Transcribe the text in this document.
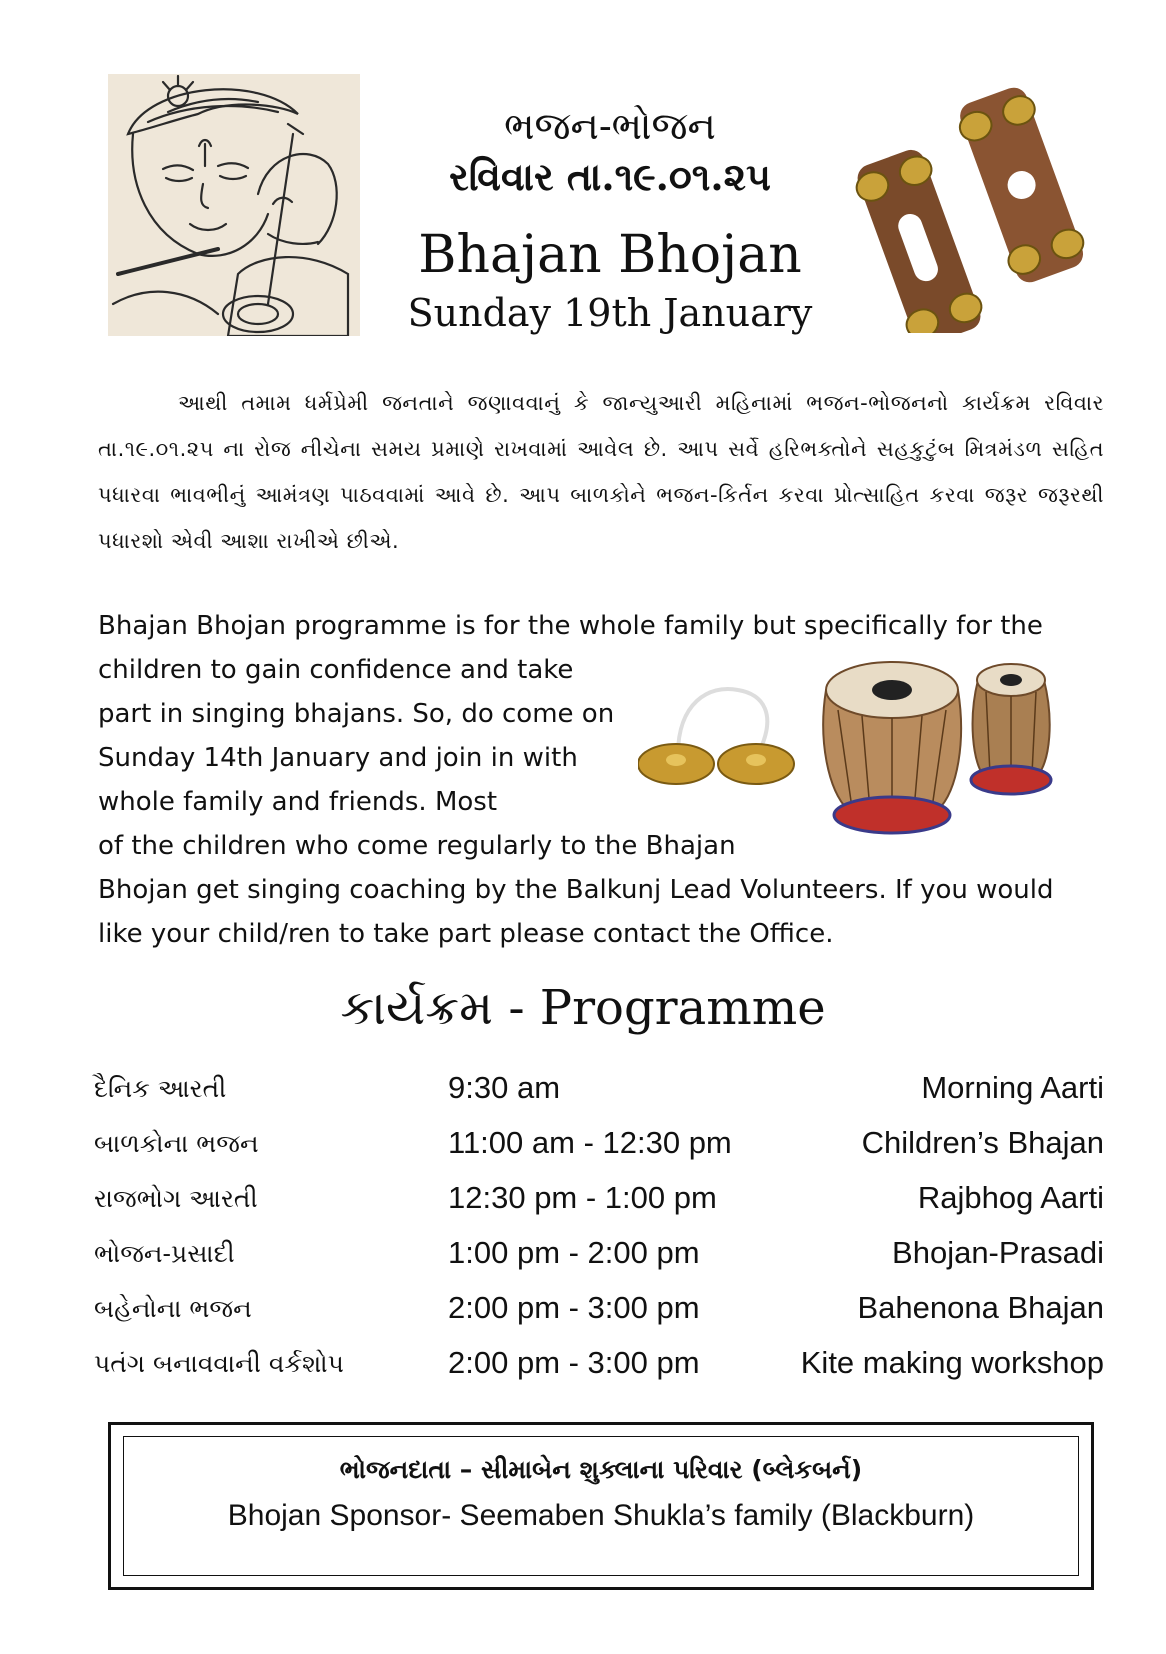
ભજન-ભોજન
રવિવાર તા.૧૯.૦૧.૨૫
Bhajan Bhojan
Sunday 19th January
આથી તમામ ધર્મપ્રેમી જનતાને જણાવવાનું કે જાન્યુઆરી મહિનામાં ભજન-ભોજનનો કાર્યક્રમ રવિવાર તા.૧૯.૦૧.૨૫ ના રોજ નીચેના સમય પ્રમાણે રાખવામાં આવેલ છે. આપ સર્વે હરિભક્તોને સહકુટુંબ મિત્રમંડળ સહિત પધારવા ભાવભીનું આમંત્રણ પાઠવવામાં આવે છે. આપ બાળકોને ભજન-કિર્તન કરવા પ્રોત્સાહિત કરવા જરૂર જરૂરથી પધારશો એવી આશા રાખીએ છીએ.
Bhajan Bhojan programme is for the whole family but specifically for the
children to gain confidence and take part in singing bhajans. So, do come on Sunday 14th January and join in with whole family and friends. Most
of the children who come regularly to the Bhajan
Bhojan get singing coaching by the Balkunj Lead Volunteers. If you would
like your child/ren to take part please contact the Office.
કાર્યક્રમ - Programme
દૈનિક આરતી	9:30 am	Morning Aarti
બાળકોના ભજન	11:00 am - 12:30 pm	Children’s Bhajan
રાજભોગ આરતી	12:30 pm - 1:00 pm	Rajbhog Aarti
ભોજન-પ્રસાદી	1:00 pm - 2:00 pm	Bhojan-Prasadi
બહેનોના ભજન	2:00 pm - 3:00 pm	Bahenona Bhajan
પતંગ બનાવવાની વર્કશોપ	2:00 pm - 3:00 pm	Kite making workshop
ભોજનદાતા – સીમાબેન શુક્લાના પરિવાર (બ્લેકબર્ન)
Bhojan Sponsor- Seemaben Shukla’s family (Blackburn)
